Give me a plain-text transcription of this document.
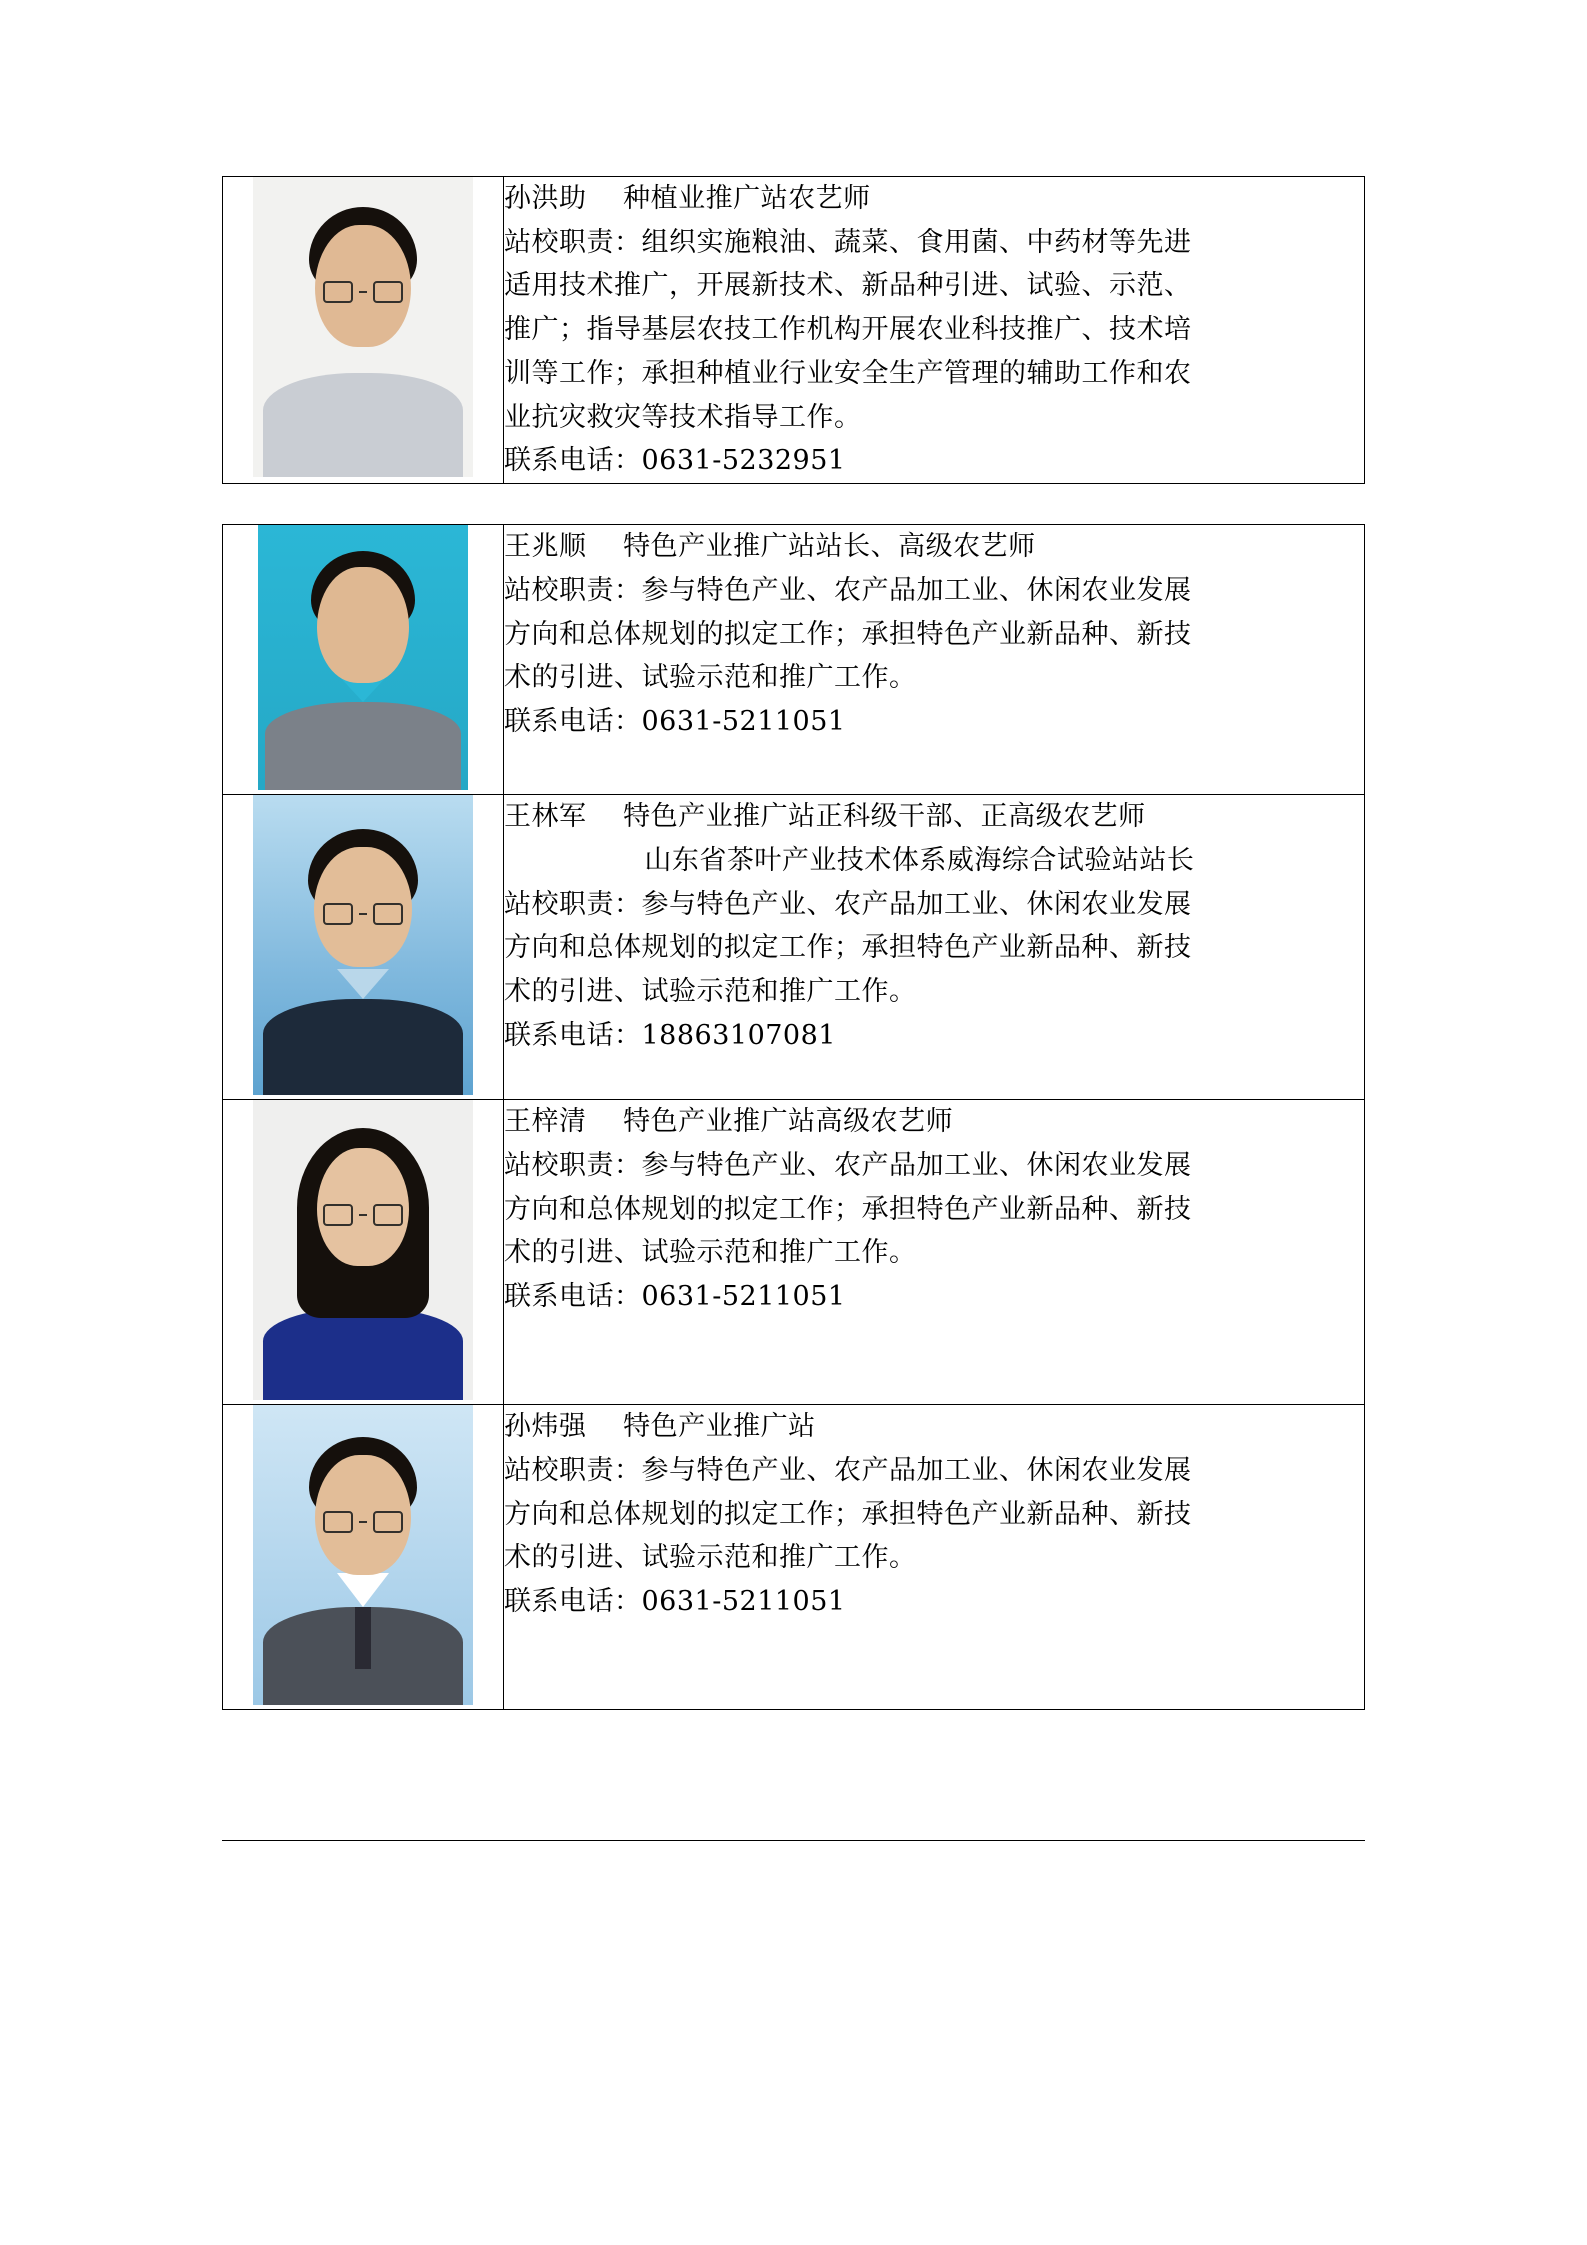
孙洪助　 种植业推广站农艺师
站校职责：组织实施粮油、蔬菜、食用菌、中药材等先进
适用技术推广，开展新技术、新品种引进、试验、示范、
推广；指导基层农技工作机构开展农业科技推广、技术培
训等工作；承担种植业行业安全生产管理的辅助工作和农
业抗灾救灾等技术指导工作。
联系电话：0631-5232951

	王兆顺　 特色产业推广站站长、高级农艺师
站校职责：参与特色产业、农产品加工业、休闲农业发展
方向和总体规划的拟定工作；承担特色产业新品种、新技
术的引进、试验示范和推广工作。
联系电话：0631-5211051

王林军　 特色产业推广站正科级干部、正高级农艺师
山东省茶叶产业技术体系威海综合试验站站长
站校职责：参与特色产业、农产品加工业、休闲农业发展
方向和总体规划的拟定工作；承担特色产业新品种、新技
术的引进、试验示范和推广工作。
联系电话：18863107081

	王梓清　 特色产业推广站高级农艺师
站校职责：参与特色产业、农产品加工业、休闲农业发展
方向和总体规划的拟定工作；承担特色产业新品种、新技
术的引进、试验示范和推广工作。
联系电话：0631-5211051

	孙炜强　 特色产业推广站
站校职责：参与特色产业、农产品加工业、休闲农业发展
方向和总体规划的拟定工作；承担特色产业新品种、新技
术的引进、试验示范和推广工作。
联系电话：0631-5211051
